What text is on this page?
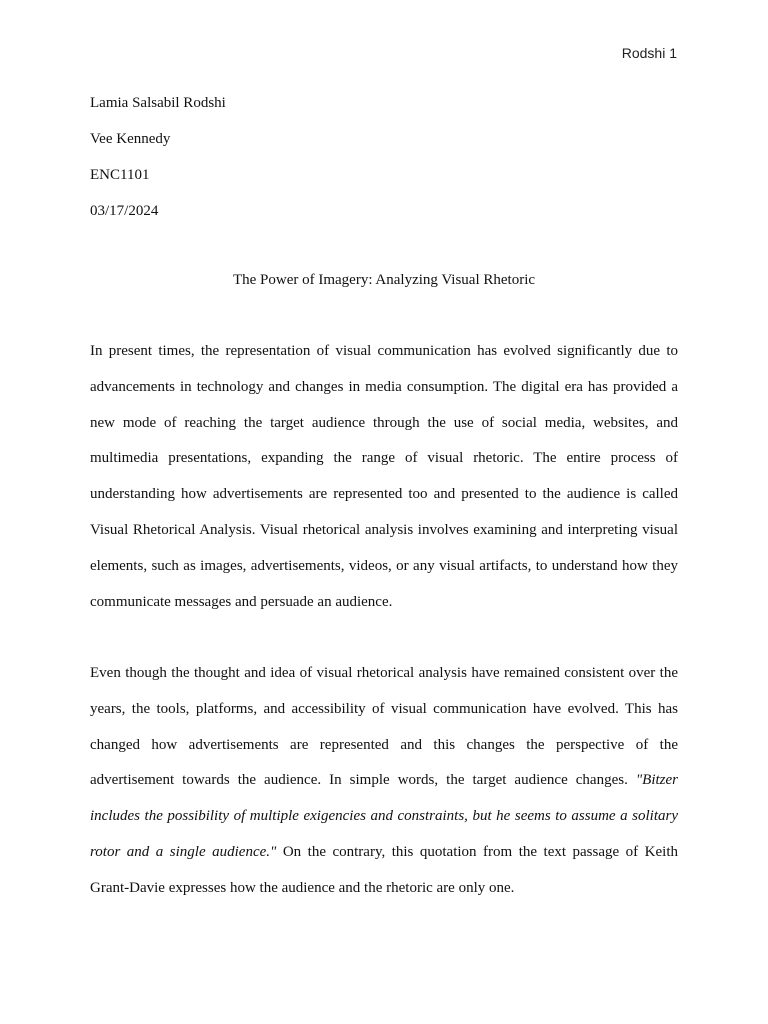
Rodshi 1
Lamia Salsabil Rodshi
Vee Kennedy
ENC1101
03/17/2024
The Power of Imagery: Analyzing Visual Rhetoric

In present times, the representation of visual communication has evolved significantly due to advancements in technology and changes in media consumption. The digital era has provided a new mode of reaching the target audience through the use of social media, websites, and multimedia presentations, expanding the range of visual rhetoric. The entire process of understanding how advertisements are represented too and presented to the audience is called Visual Rhetorical Analysis. Visual rhetorical analysis involves examining and interpreting visual elements, such as images, advertisements, videos, or any visual artifacts, to understand how they communicate messages and persuade an audience.

Even though the thought and idea of visual rhetorical analysis have remained consistent over the years, the tools, platforms, and accessibility of visual communication have evolved. This has changed how advertisements are represented and this changes the perspective of the advertisement towards the audience. In simple words, the target audience changes. "Bitzer includes the possibility of multiple exigencies and constraints, but he seems to assume a solitary rotor and a single audience." On the contrary, this quotation from the text passage of Keith Grant-Davie expresses how the audience and the rhetoric are only one.
